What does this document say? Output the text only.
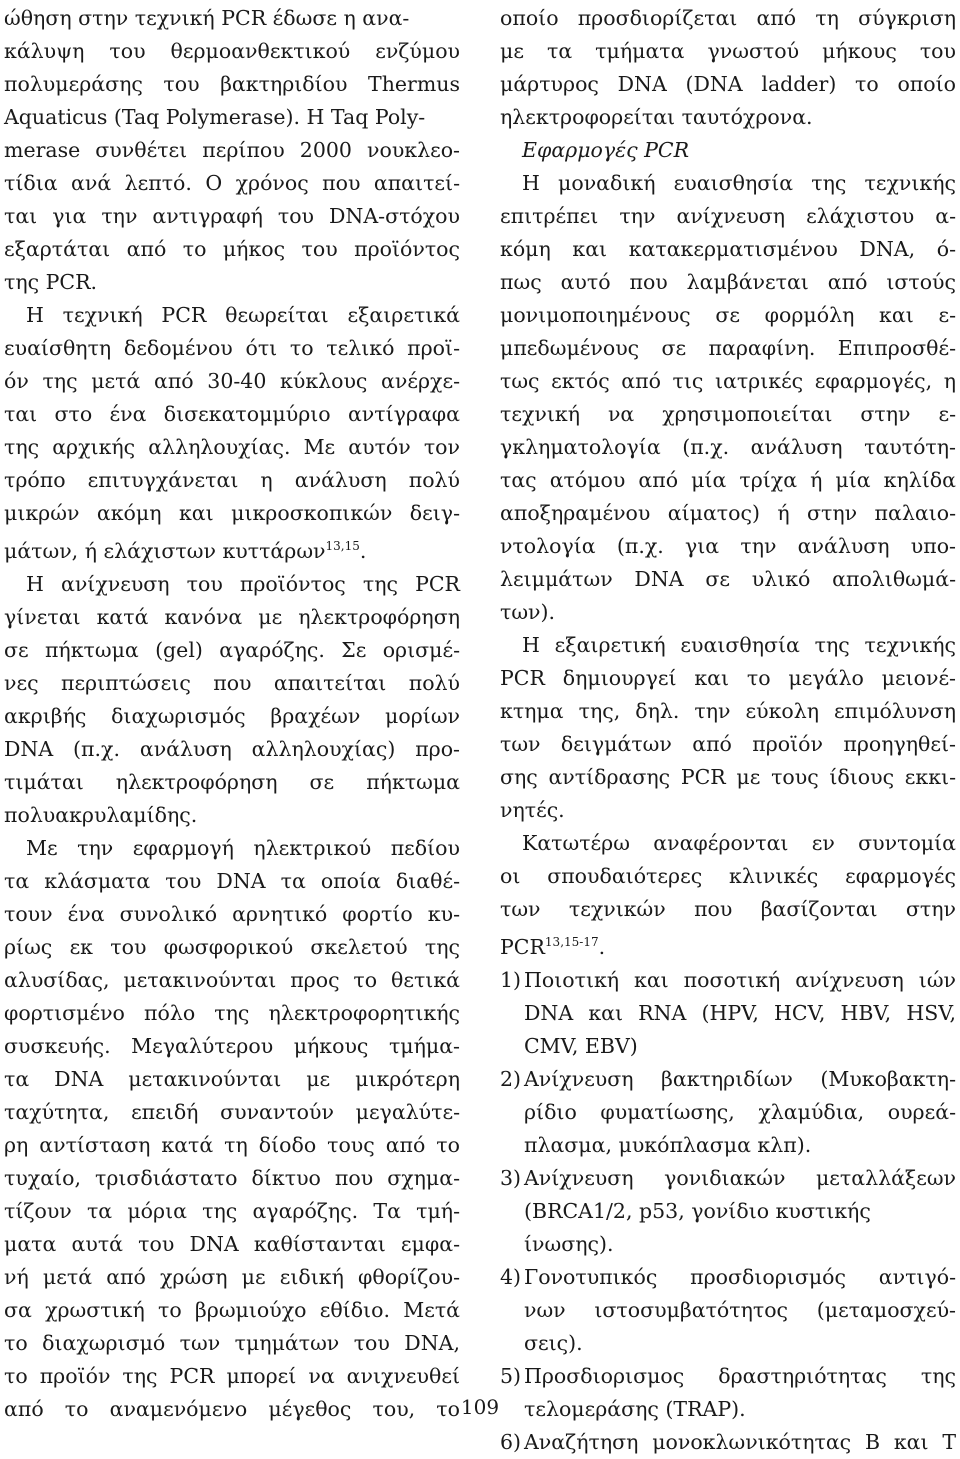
ώθηση στην τεχνική PCR έδωσε η ανα-

κάλυψη του θερμοανθεκτικού ενζύμου

πολυμεράσης του βακτηριδίου Thermus

Aquaticus (Taq Polymerase). Η Taq Poly-

merase συνθέτει περίπου 2000 νουκλεο-

τίδια ανά λεπτό. Ο χρόνος που απαιτεί-

ται για την αντιγραφή του DNA-στόχου

εξαρτάται από το μήκος του προϊόντος

της PCR.

Η τεχνική PCR θεωρείται εξαιρετικά

ευαίσθητη δεδομένου ότι το τελικό προϊ-

όν της μετά από 30-40 κύκλους ανέρχε-

ται στο ένα δισεκατομμύριο αντίγραφα

της αρχικής αλληλουχίας. Με αυτόν τον

τρόπο επιτυγχάνεται η ανάλυση πολύ

μικρών ακόμη και μικροσκοπικών δειγ-

μάτων, ή ελάχιστων κυττάρων$^{13,15}$.

Η ανίχνευση του προϊόντος της PCR

γίνεται κατά κανόνα με ηλεκτροφόρηση

σε πήκτωμα (gel) αγαρόζης. Σε ορισμέ-

νες περιπτώσεις που απαιτείται πολύ

ακριβής διαχωρισμός βραχέων μορίων

DNA (π.χ. ανάλυση αλληλουχίας) προ-

τιμάται ηλεκτροφόρηση σε πήκτωμα

πολυακρυλαμίδης.

Με την εφαρμογή ηλεκτρικού πεδίου

τα κλάσματα του DNA τα οποία διαθέ-

τουν ένα συνολικό αρνητικό φορτίο κυ-

ρίως εκ του φωσφορικού σκελετού της

αλυσίδας, μετακινούνται προς το θετικά

φορτισμένο πόλο της ηλεκτροφορητικής

συσκευής. Μεγαλύτερου μήκους τμήμα-

τα DNA μετακινούνται με μικρότερη

ταχύτητα, επειδή συναντούν μεγαλύτε-

ρη αντίσταση κατά τη δίοδο τους από το

τυχαίο, τρισδιάστατο δίκτυο που σχημα-

τίζουν τα μόρια της αγαρόζης. Τα τμή-

ματα αυτά του DNA καθίστανται εμφα-

νή μετά από χρώση με ειδική φθορίζου-

σα χρωστική το βρωμιούχο εθίδιο. Μετά

το διαχωρισμό των τμημάτων του DNA,

το προϊόν της PCR μπορεί να ανιχνευθεί

από το αναμενόμενο μέγεθος του, το

οποίο προσδιορίζεται από τη σύγκριση

με τα τμήματα γνωστού μήκους του

μάρτυρος DNA (DNA ladder) το οποίο

ηλεκτροφορείται ταυτόχρονα.

Εφαρμογές PCR

Η μοναδική ευαισθησία της τεχνικής

επιτρέπει την ανίχνευση ελάχιστου α-

κόμη και κατακερματισμένου DNA, ό-

πως αυτό που λαμβάνεται από ιστούς

μονιμοποιημένους σε φορμόλη και ε-

μπεδωμένους σε παραφίνη. Επιπροσθέ-

τως εκτός από τις ιατρικές εφαρμογές, η

τεχνική να χρησιμοποιείται στην ε-

γκληματολογία (π.χ. ανάλυση ταυτότη-

τας ατόμου από μία τρίχα ή μία κηλίδα

αποξηραμένου αίματος) ή στην παλαιο-

ντολογία (π.χ. για την ανάλυση υπο-

λειμμάτων DNA σε υλικό απολιθωμά-

των).

Η εξαιρετική ευαισθησία της τεχνικής

PCR δημιουργεί και το μεγάλο μειονέ-

κτημα της, δηλ. την εύκολη επιμόλυνση

των δειγμάτων από προϊόν προηγηθεί-

σης αντίδρασης PCR με τους ίδιους εκκι-

νητές.

Κατωτέρω αναφέρονται εν συντομία

οι σπουδαιότερες κλινικές εφαρμογές

των τεχνικών που βασίζονται στην

PCR$^{13,15-17}$.

1) Ποιοτική και ποσοτική ανίχνευση ιών
DNA και RNA (HPV, HCV, HBV, HSV,
CMV, EBV)
2) Ανίχνευση βακτηριδίων (Μυκοβακτη-
ρίδιο φυματίωσης, χλαμύδια, ουρεά-
πλασμα, μυκόπλασμα κλπ).
3) Ανίχνευση γονιδιακών μεταλλάξεων
(BRCA1/2, p53, γονίδιο κυστικής ίνωσης).
4) Γονοτυπικός προσδιορισμός αντιγό-
νων ιστοσυμβατότητος (μεταμοσχεύ-
σεις).
5) Προσδιορισμος δραστηριότητας της
τελομεράσης (TRAP).
6) Αναζήτηση μονοκλωνικότητας Β και Τ
109
